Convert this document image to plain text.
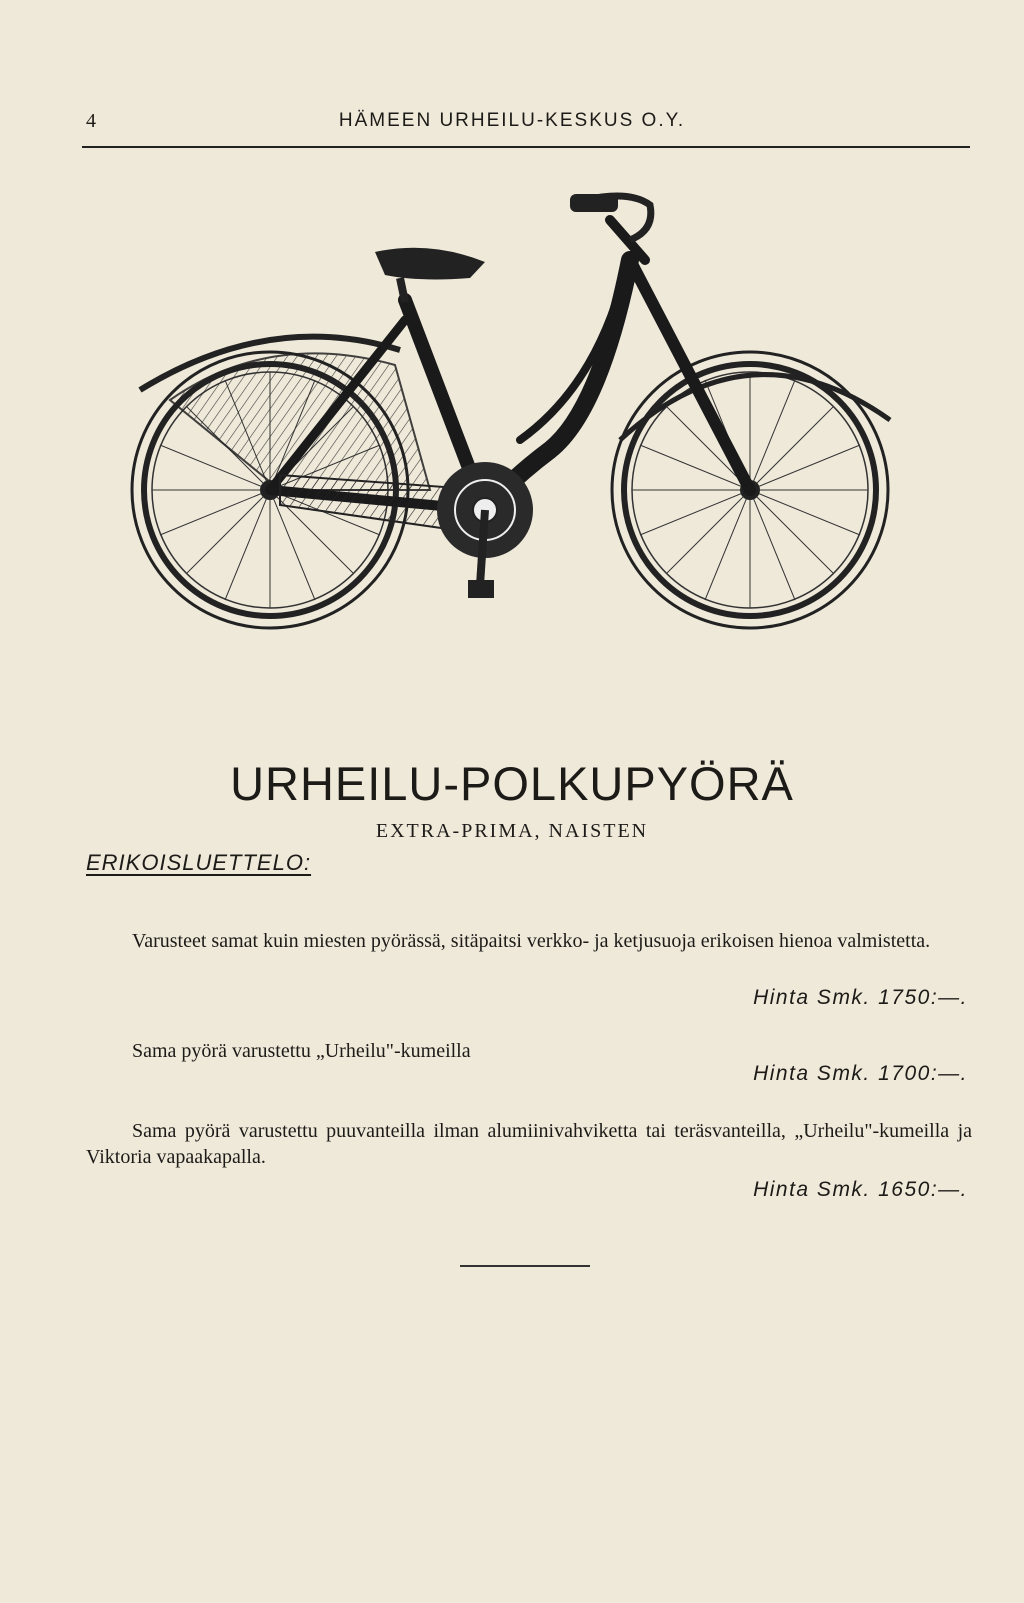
4	HÄMEEN URHEILU-KESKUS O.Y.
URHEILU-POLKUPYÖRÄ
EXTRA-PRIMA, NAISTEN
ERIKOISLUETTELO:
Varusteet samat kuin miesten pyörässä, sitäpaitsi verkko- ja ketjusuoja erikoisen hienoa valmistetta.
Hinta Smk. 1750:—.
Sama pyörä varustettu „Urheilu"-kumeilla
Hinta Smk. 1700:—.
Sama pyörä varustettu puuvanteilla ilman alumiinivahviketta tai teräsvanteilla, „Urheilu"-kumeilla ja Viktoria vapaakapalla.
Hinta Smk. 1650:—.
